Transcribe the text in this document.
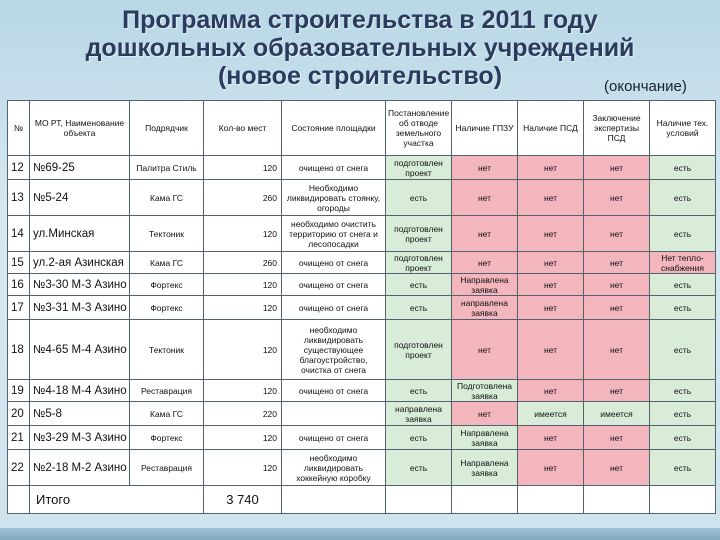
Программа строительства в 2011 году
дошкольных образовательных учреждений
(новое строительство)	(окончание)
№	МО РТ, Наименование объекта	Подрядчик	Кол-во мест	Состояние площадки	Постановление об отводе земельного участка	Наличие ГПЗУ	Наличие ПСД	Заключение экспертизы ПСД	Наличие тех. условий
12	№69-25	Палитра Стиль	120	очищено от снега	подготовлен проект	нет	нет	нет	есть
13	№5-24	Кама ГС	260	Необходимо ликвидировать стоянку, огороды	есть	нет	нет	нет	есть
14	ул.Минская	Тектоник	120	необходимо очистить территорию от снега и лесопосадки	подготовлен проект	нет	нет	нет	есть
15	ул.2-ая Азинская	Кама ГС	260	очищено от снега	подготовлен проект	нет	нет	нет	Нет тепло- снабжения
16	№3-30 М-3 Азино	Фортекс	120	очищено от снега	есть	Направлена заявка	нет	нет	есть
17	№3-31 М-3 Азино	Фортекс	120	очищено от снега	есть	направлена заявка	нет	нет	есть
18	№4-65 М-4 Азино	Тектоник	120	необходимо ликвидировать существующее благоустройство, очистка от снега	подготовлен проект	нет	нет	нет	есть
19	№4-18 М-4 Азино	Реставрация	120	очищено от снега	есть	Подготовлена заявка	нет	нет	есть
20	№5-8	Кама ГС	220		направлена заявка	нет	имеется	имеется	есть
21	№3-29 М-3 Азино	Фортекс	120	очищено от снега	есть	Направлена заявка	нет	нет	есть
22	№2-18 М-2 Азино	Реставрация	120	необходимо ликвидировать хоккейную коробку	есть	Направлена заявка	нет	нет	есть
	Итого		3 740						
